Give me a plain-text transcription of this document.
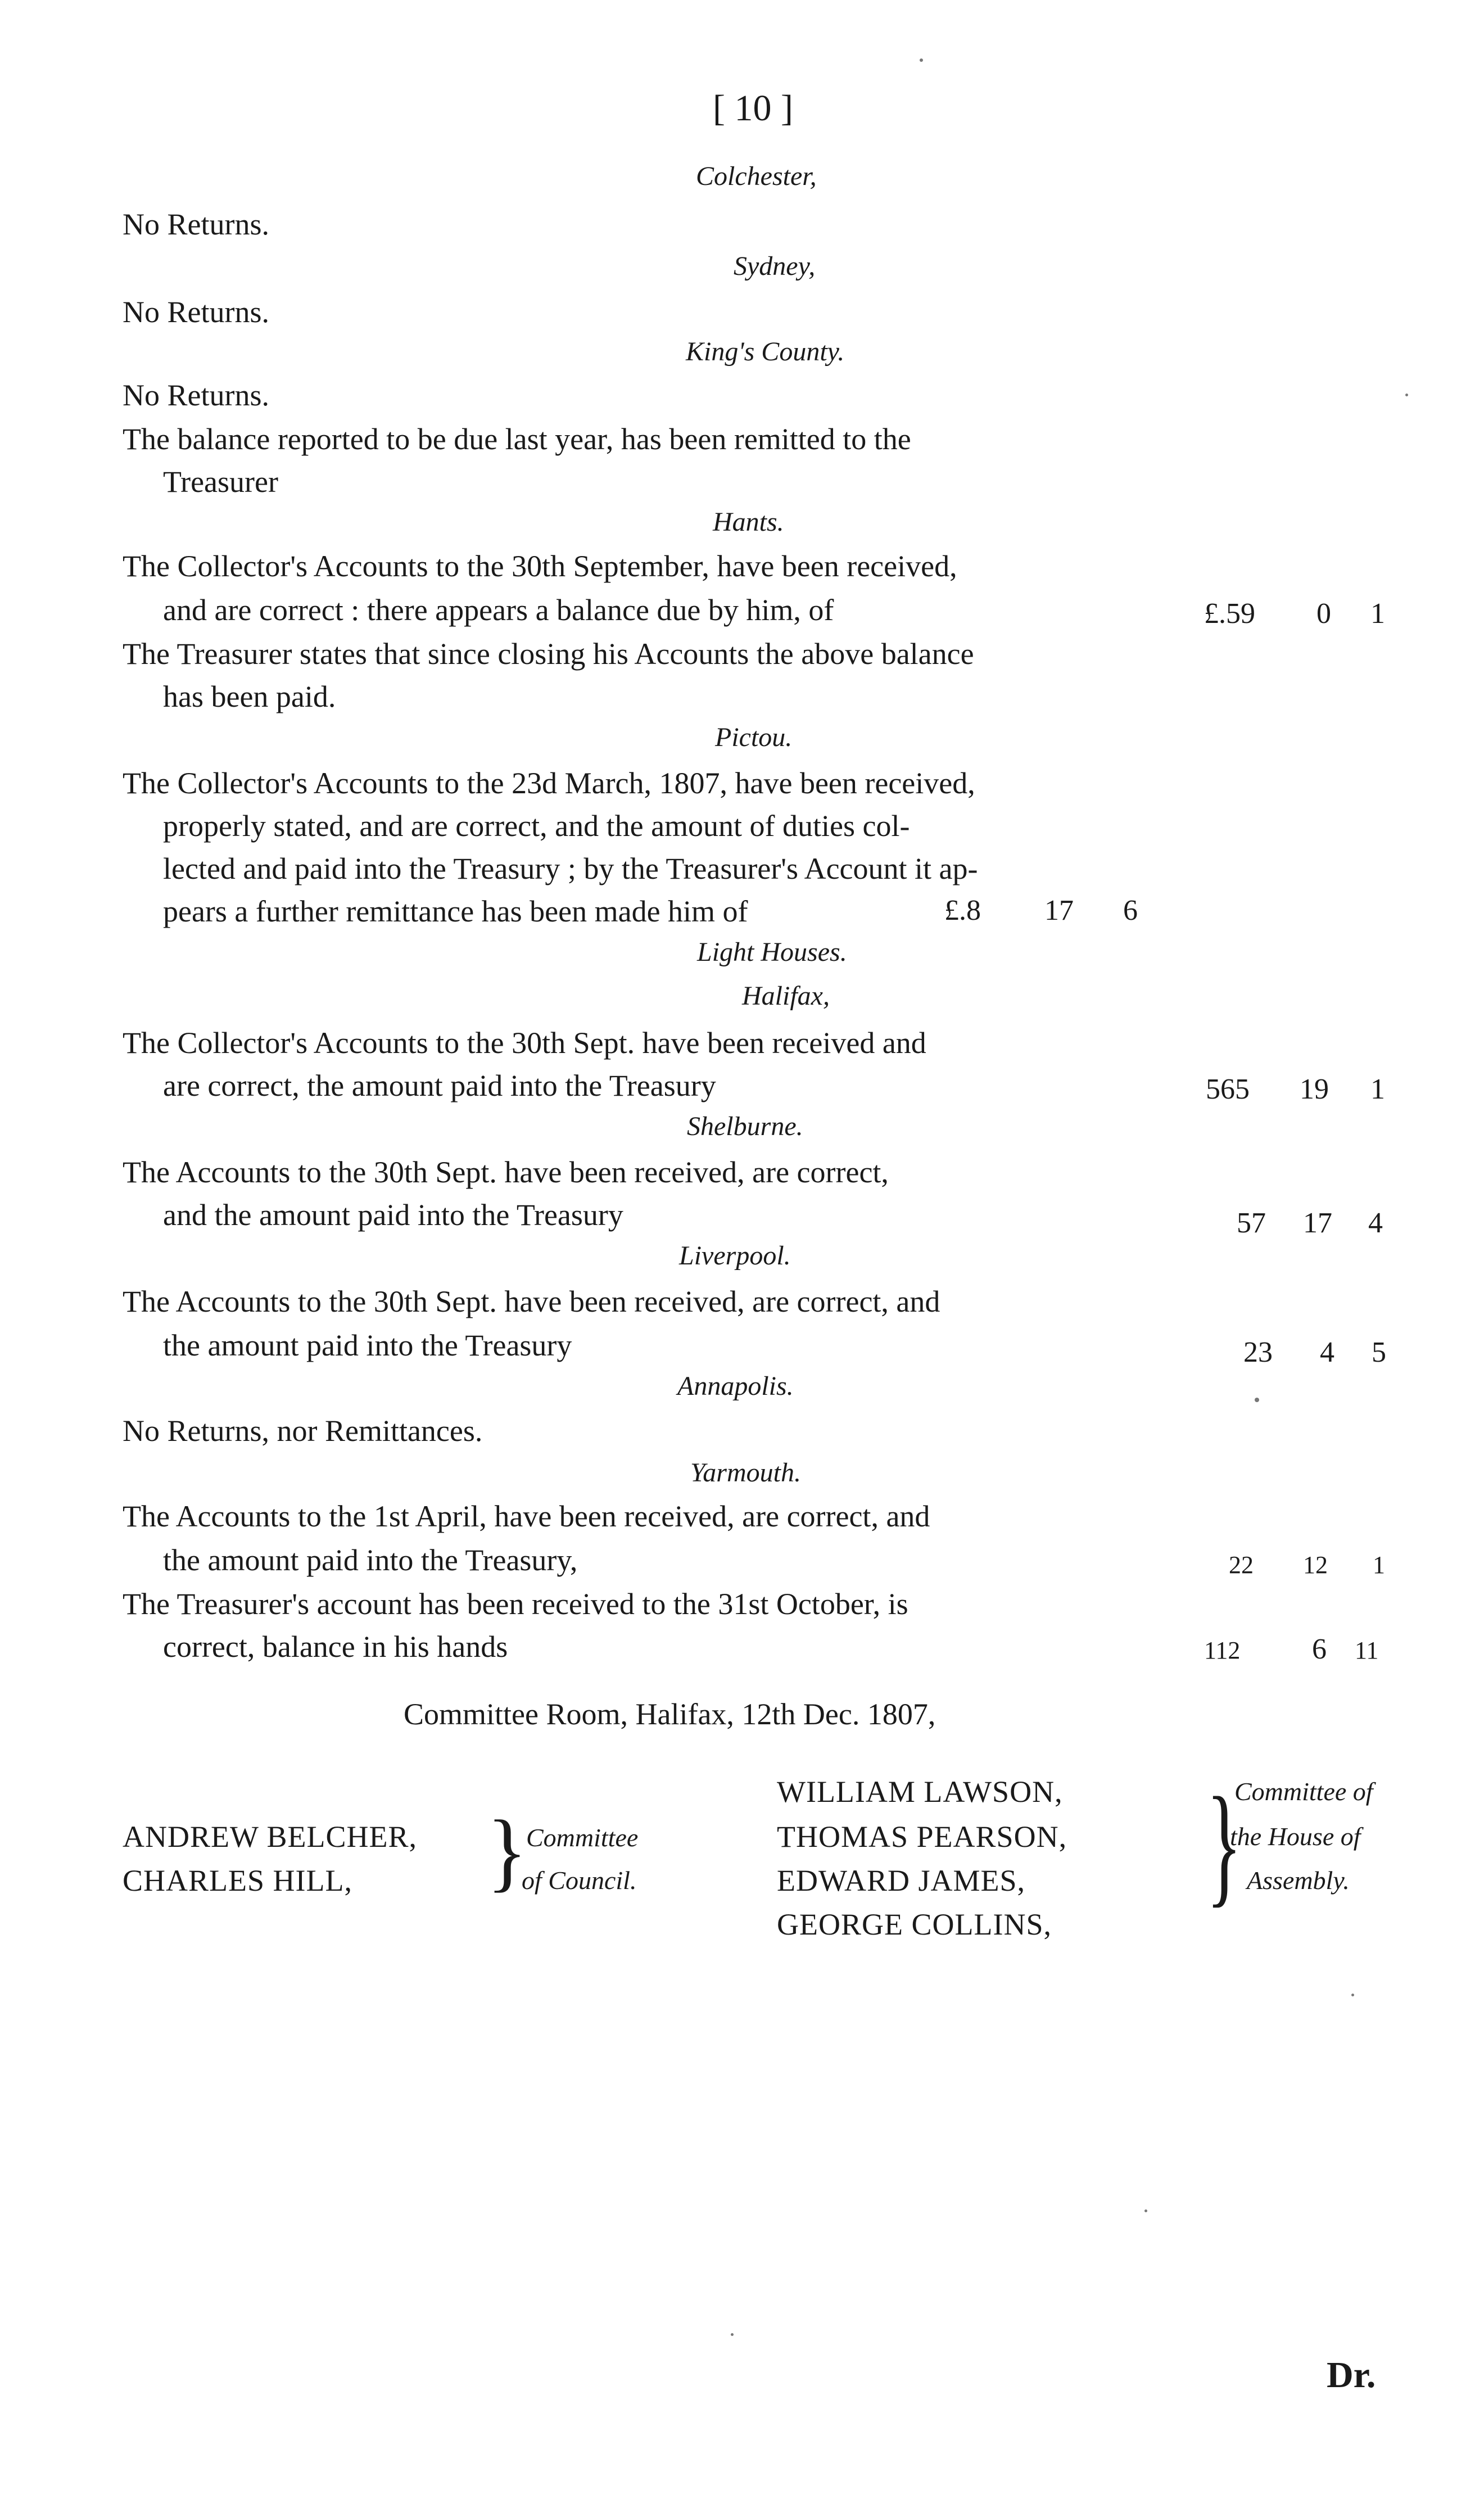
[ 10 ]
Colchester,
No Returns.
Sydney,
No Returns.
King's County.
No Returns.
The balance reported to be due last year, has been remitted to the
Treasurer
Hants.
The Collector's Accounts to the 30th September, have been received,
and are correct : there appears a balance due by him, of	£.59 0 1
The Treasurer states that since closing his Accounts the above balance
has been paid.
Pictou.
The Collector's Accounts to the 23d March, 1807, have been received,
properly stated, and are correct, and the amount of duties col-
lected and paid into the Treasury ; by the Treasurer's Account it ap-
pears a further remittance has been made him of	£.8 17 6
Light Houses.
Halifax,
The Collector's Accounts to the 30th Sept. have been received and
are correct, the amount paid into the Treasury	565 19 1
Shelburne.
The Accounts to the 30th Sept. have been received, are correct,
and the amount paid into the Treasury	57 17 4
Liverpool.
The Accounts to the 30th Sept. have been received, are correct, and
the amount paid into the Treasury	23 4 5
Annapolis.
No Returns, nor Remittances.
Yarmouth.
The Accounts to the 1st April, have been received, are correct, and
the amount paid into the Treasury,	22 12 1
The Treasurer's account has been received to the 31st October, is
correct, balance in his hands	112 6 11
Committee Room, Halifax, 12th Dec. 1807,
ANDREW BELCHER,
CHARLES HILL, }
Committee
of Council.
WILLIAM LAWSON,
THOMAS PEARSON,
EDWARD JAMES,
GEORGE COLLINS,
}
Committee of
the House of
Assembly.
Dr.
